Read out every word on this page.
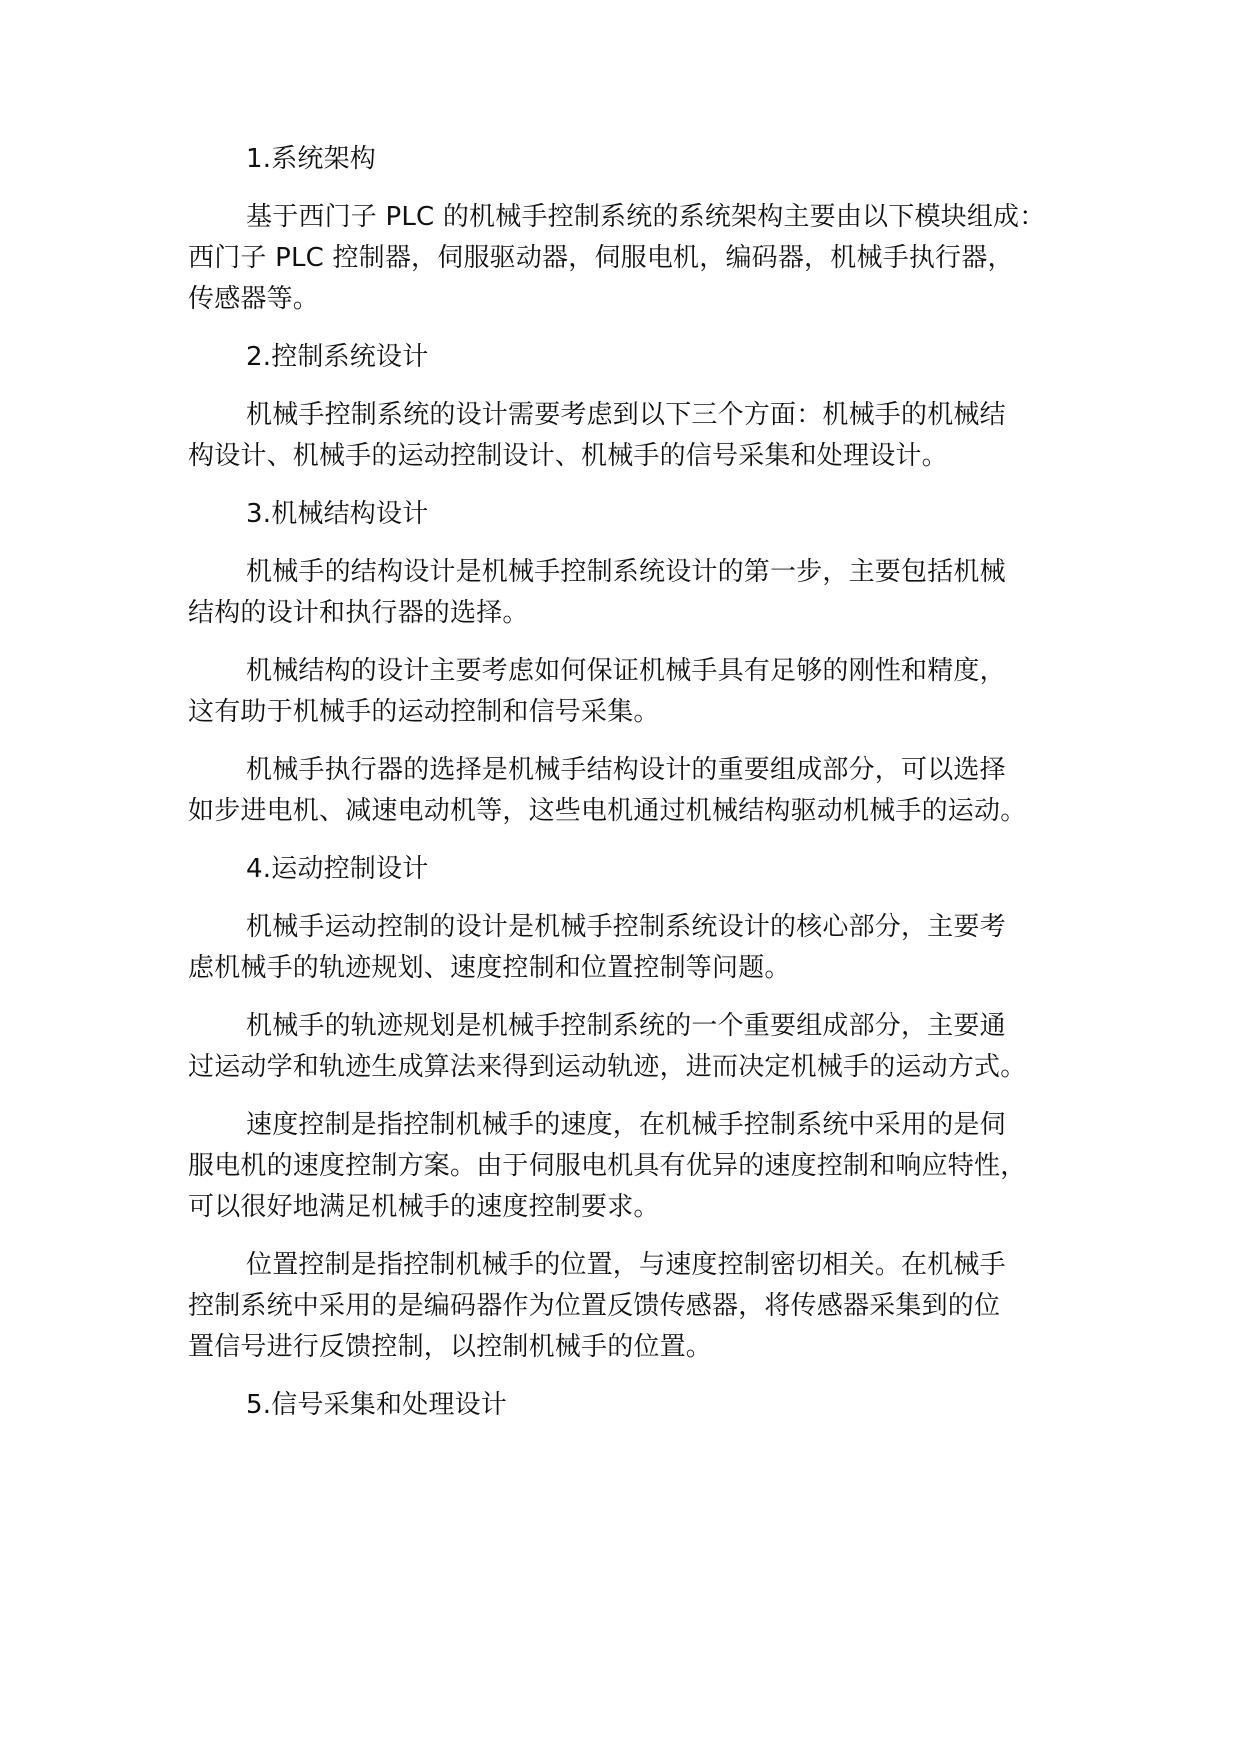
1.系统架构

基于西门子 PLC 的机械手控制系统的系统架构主要由以下模块组成：

西门子 PLC 控制器，伺服驱动器，伺服电机，编码器，机械手执行器，

传感器等。

2.控制系统设计

机械手控制系统的设计需要考虑到以下三个方面：机械手的机械结

构设计、机械手的运动控制设计、机械手的信号采集和处理设计。

3.机械结构设计

机械手的结构设计是机械手控制系统设计的第一步，主要包括机械

结构的设计和执行器的选择。

机械结构的设计主要考虑如何保证机械手具有足够的刚性和精度，

这有助于机械手的运动控制和信号采集。

机械手执行器的选择是机械手结构设计的重要组成部分，可以选择

如步进电机、减速电动机等，这些电机通过机械结构驱动机械手的运动。

4.运动控制设计

机械手运动控制的设计是机械手控制系统设计的核心部分，主要考

虑机械手的轨迹规划、速度控制和位置控制等问题。

机械手的轨迹规划是机械手控制系统的一个重要组成部分，主要通

过运动学和轨迹生成算法来得到运动轨迹，进而决定机械手的运动方式。

速度控制是指控制机械手的速度，在机械手控制系统中采用的是伺

服电机的速度控制方案。由于伺服电机具有优异的速度控制和响应特性，

可以很好地满足机械手的速度控制要求。

位置控制是指控制机械手的位置，与速度控制密切相关。在机械手

控制系统中采用的是编码器作为位置反馈传感器，将传感器采集到的位

置信号进行反馈控制，以控制机械手的位置。

5.信号采集和处理设计
